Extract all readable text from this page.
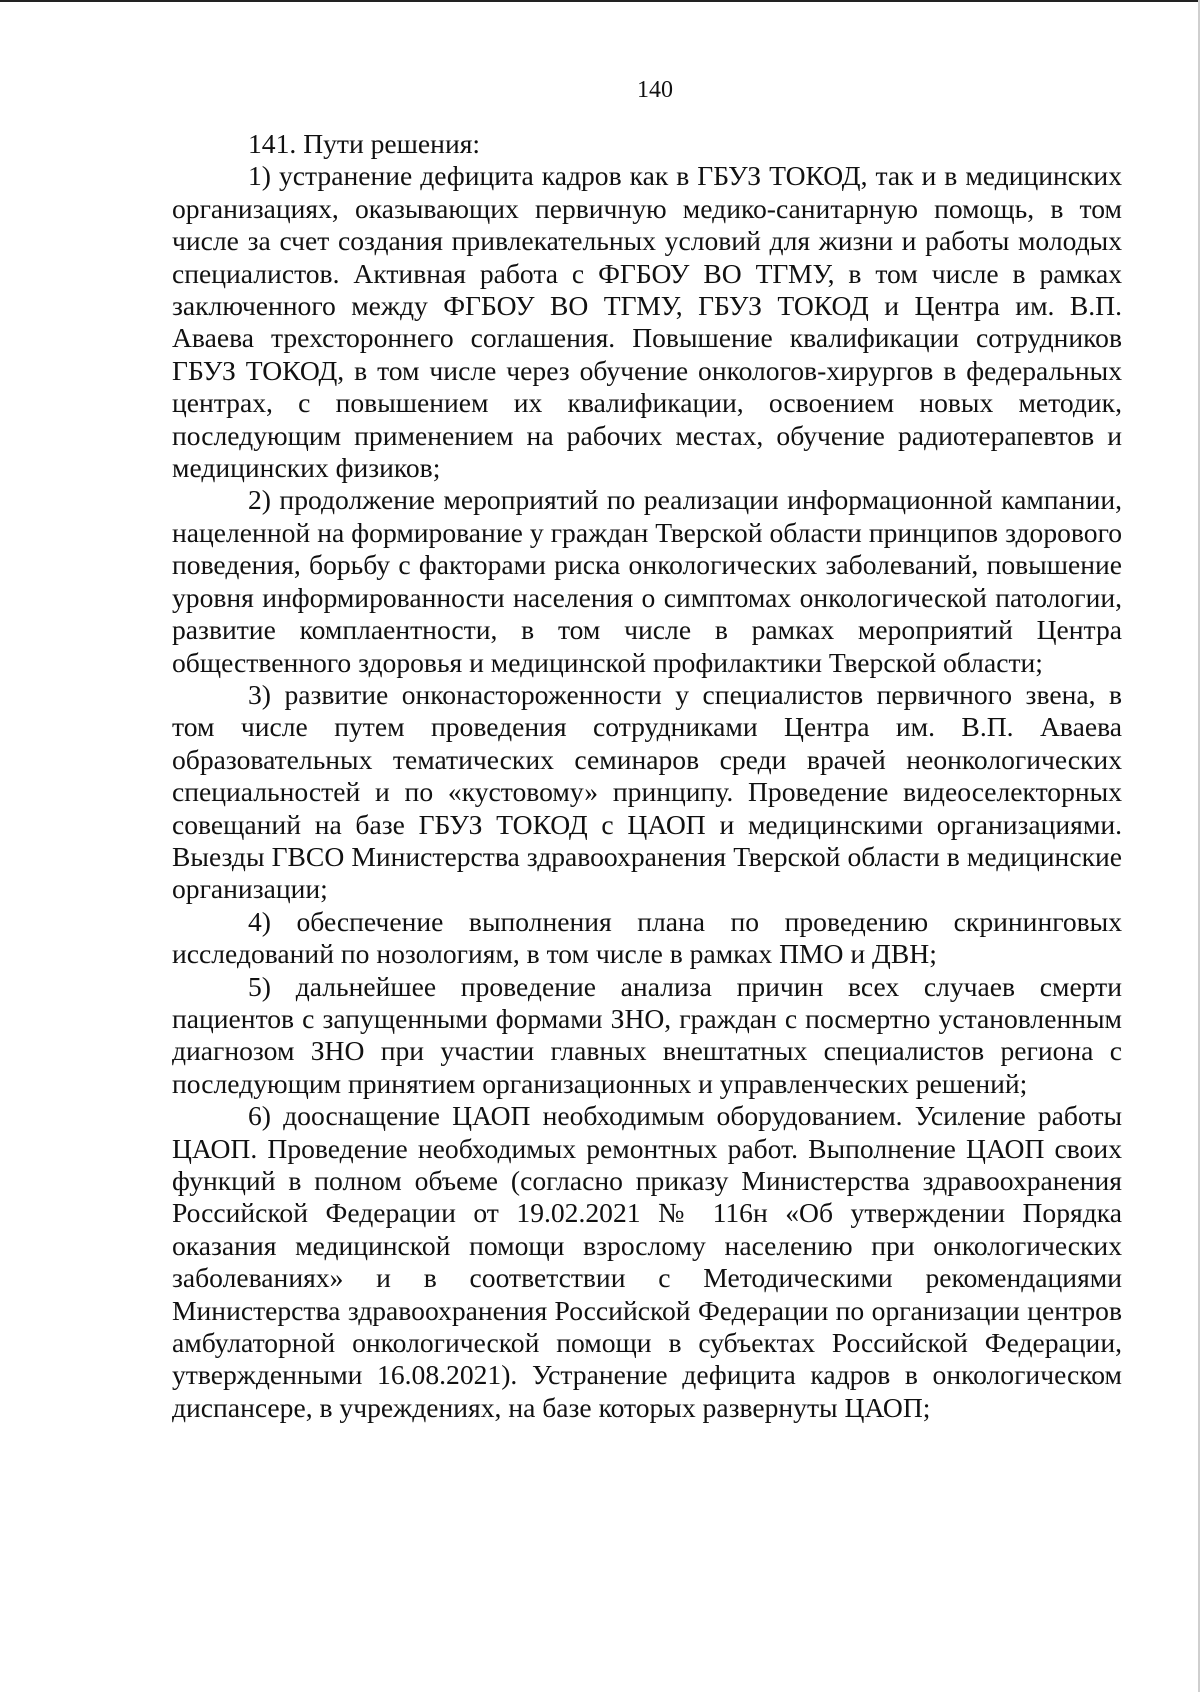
140

141. Пути решения:

1) устранение дефицита кадров как в ГБУЗ ТОКОД, так и в медицинских организациях, оказывающих первичную медико-санитарную помощь, в том числе за счет создания привлекательных условий для жизни и работы молодых специалистов. Активная работа с ФГБОУ ВО ТГМУ, в том числе в рамках заключенного между ФГБОУ ВО ТГМУ, ГБУЗ ТОКОД и Центра им. В.П. Аваева трехстороннего соглашения. Повышение квалификации сотрудников ГБУЗ ТОКОД, в том числе через обучение онкологов-хирургов в федеральных центрах, с повышением их квалификации, освоением новых методик, последующим применением на рабочих местах, обучение радиотерапевтов и медицинских физиков;

2) продолжение мероприятий по реализации информационной кампании, нацеленной на формирование у граждан Тверской области принципов здорового поведения, борьбу с факторами риска онкологических заболеваний, повышение уровня информированности населения о симптомах онкологической патологии, развитие комплаентности, в том числе в рамках мероприятий Центра общественного здоровья и медицинской профилактики Тверской области;

3) развитие онконастороженности у специалистов первичного звена, в том числе путем проведения сотрудниками Центра им. В.П. Аваева образовательных тематических семинаров среди врачей неонкологических специальностей и по «кустовому» принципу. Проведение видеоселекторных совещаний на базе ГБУЗ ТОКОД с ЦАОП и медицинскими организациями. Выезды ГВСО Министерства здравоохранения Тверской области в медицинские организации;

4) обеспечение выполнения плана по проведению скрининговых исследований по нозологиям, в том числе в рамках ПМО и ДВН;

5) дальнейшее проведение анализа причин всех случаев смерти пациентов с запущенными формами ЗНО, граждан с посмертно установленным диагнозом ЗНО при участии главных внештатных специалистов региона с последующим принятием организационных и управленческих решений;

6) дооснащение ЦАОП необходимым оборудованием. Усиление работы ЦАОП. Проведение необходимых ремонтных работ. Выполнение ЦАОП своих функций в полном объеме (согласно приказу Министерства здравоохранения Российской Федерации от 19.02.2021 № 116н «Об утверждении Порядка оказания медицинской помощи взрослому населению при онкологических заболеваниях» и в соответствии с Методическими рекомендациями Министерства здравоохранения Российской Федерации по организации центров амбулаторной онкологической помощи в субъектах Российской Федерации, утвержденными 16.08.2021). Устранение дефицита кадров в онкологическом диспансере, в учреждениях, на базе которых развернуты ЦАОП;
